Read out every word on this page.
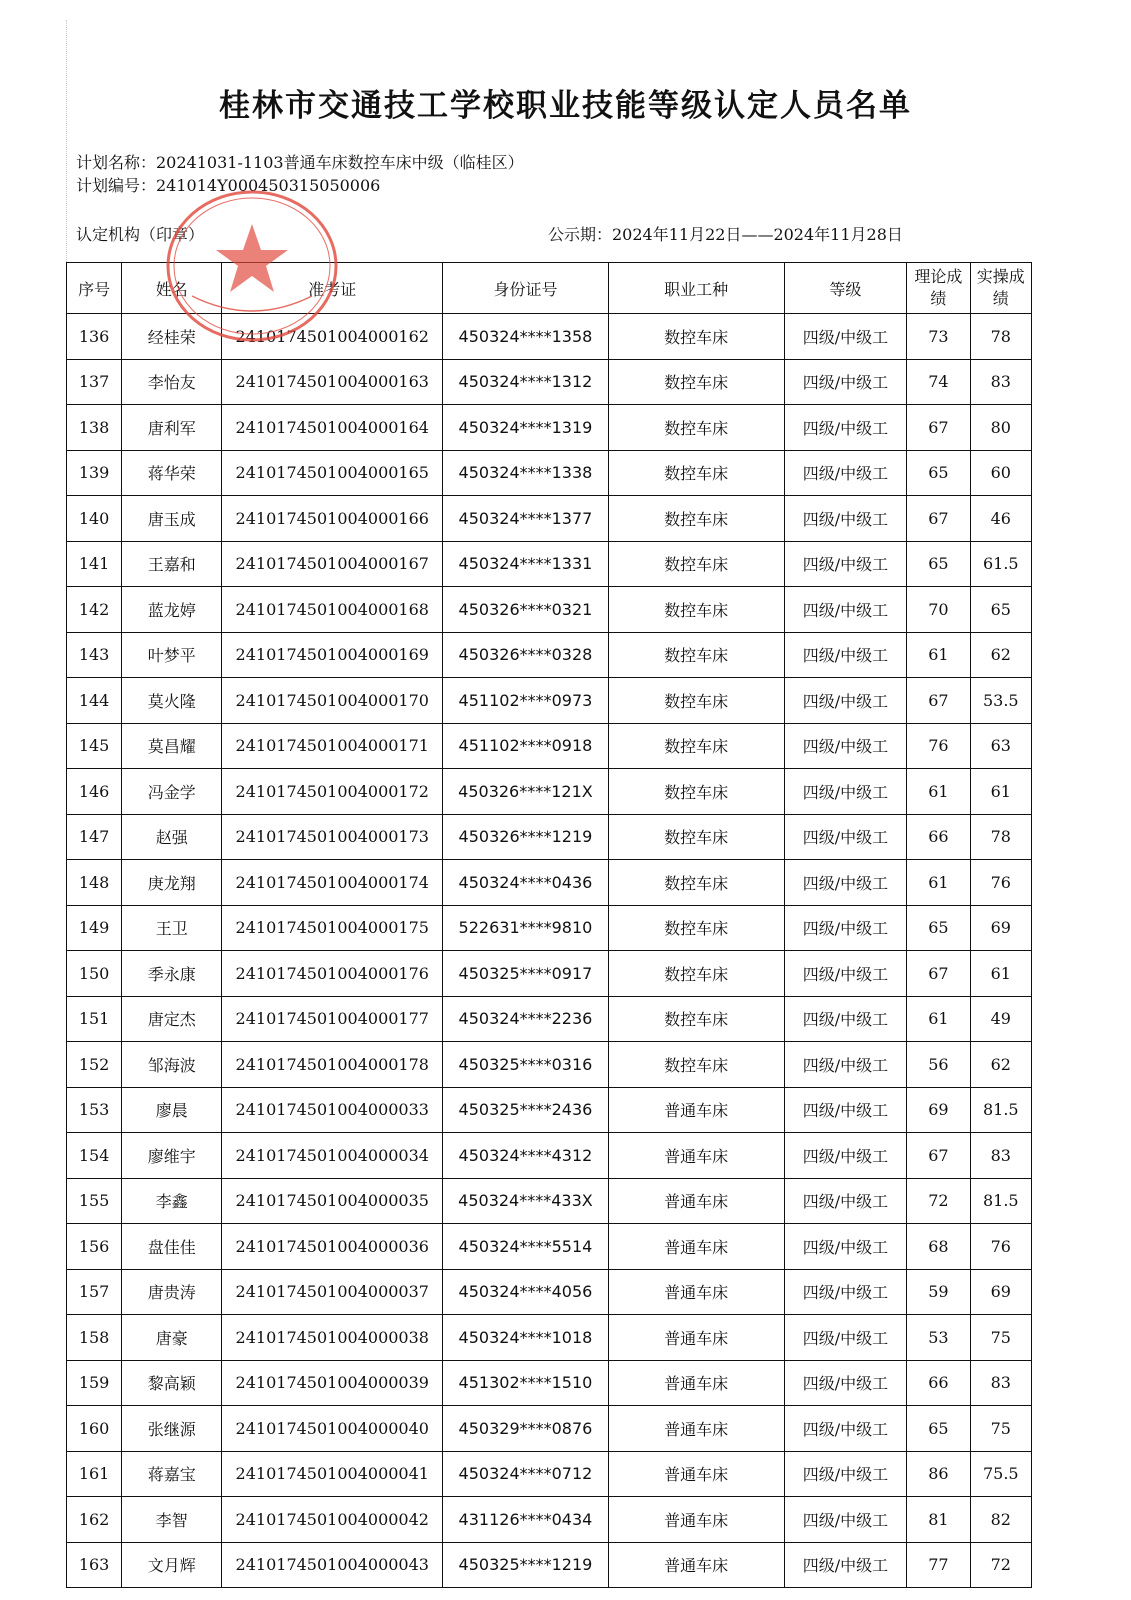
桂林市交通技工学校职业技能等级认定人员名单
计划名称：20241031-1103普通车床数控车床中级（临桂区）
计划编号：241014Y000450315050006
认定机构（印章）	公示期：2024年11月22日——2024年11月28日
序号	姓名	准考证	身份证号	职业工种	等级	理论成绩	实操成绩
136	经桂荣	2410174501004000162	450324****1358	数控车床	四级/中级工	73	78
137	李怡友	2410174501004000163	450324****1312	数控车床	四级/中级工	74	83
138	唐利军	2410174501004000164	450324****1319	数控车床	四级/中级工	67	80
139	蒋华荣	2410174501004000165	450324****1338	数控车床	四级/中级工	65	60
140	唐玉成	2410174501004000166	450324****1377	数控车床	四级/中级工	67	46
141	王嘉和	2410174501004000167	450324****1331	数控车床	四级/中级工	65	61.5
142	蓝龙婷	2410174501004000168	450326****0321	数控车床	四级/中级工	70	65
143	叶梦平	2410174501004000169	450326****0328	数控车床	四级/中级工	61	62
144	莫火隆	2410174501004000170	451102****0973	数控车床	四级/中级工	67	53.5
145	莫昌耀	2410174501004000171	451102****0918	数控车床	四级/中级工	76	63
146	冯金学	2410174501004000172	450326****121X	数控车床	四级/中级工	61	61
147	赵强	2410174501004000173	450326****1219	数控车床	四级/中级工	66	78
148	庚龙翔	2410174501004000174	450324****0436	数控车床	四级/中级工	61	76
149	王卫	2410174501004000175	522631****9810	数控车床	四级/中级工	65	69
150	季永康	2410174501004000176	450325****0917	数控车床	四级/中级工	67	61
151	唐定杰	2410174501004000177	450324****2236	数控车床	四级/中级工	61	49
152	邹海波	2410174501004000178	450325****0316	数控车床	四级/中级工	56	62
153	廖晨	2410174501004000033	450325****2436	普通车床	四级/中级工	69	81.5
154	廖维宇	2410174501004000034	450324****4312	普通车床	四级/中级工	67	83
155	李鑫	2410174501004000035	450324****433X	普通车床	四级/中级工	72	81.5
156	盘佳佳	2410174501004000036	450324****5514	普通车床	四级/中级工	68	76
157	唐贵涛	2410174501004000037	450324****4056	普通车床	四级/中级工	59	69
158	唐豪	2410174501004000038	450324****1018	普通车床	四级/中级工	53	75
159	黎高颖	2410174501004000039	451302****1510	普通车床	四级/中级工	66	83
160	张继源	2410174501004000040	450329****0876	普通车床	四级/中级工	65	75
161	蒋嘉宝	2410174501004000041	450324****0712	普通车床	四级/中级工	86	75.5
162	李智	2410174501004000042	431126****0434	普通车床	四级/中级工	81	82
163	文月辉	2410174501004000043	450325****1219	普通车床	四级/中级工	77	72
